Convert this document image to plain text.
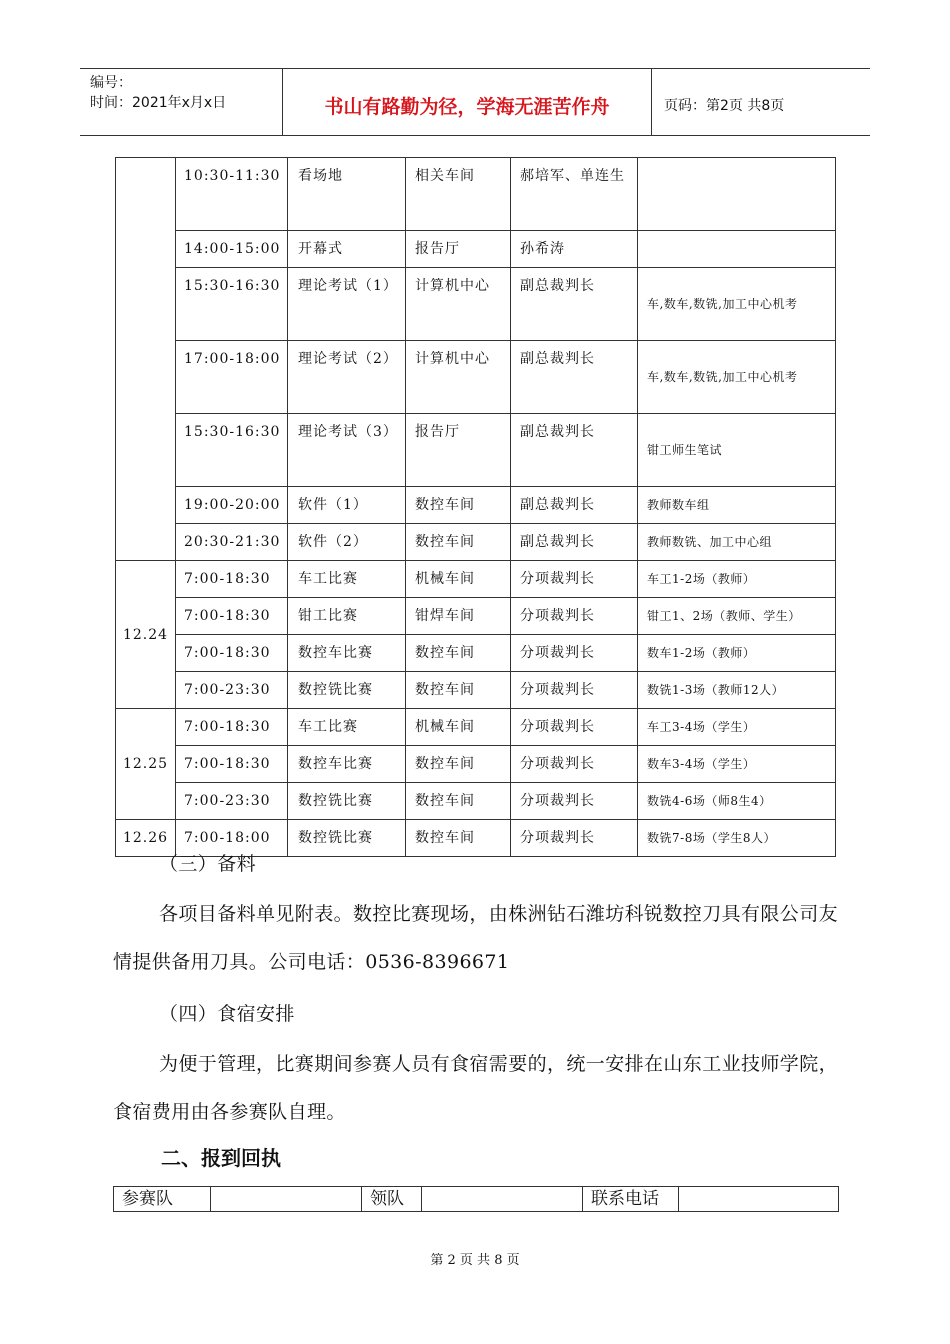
编号：
时间：2021年x月x日	书山有路勤为径，学海无涯苦作舟	页码：第2页 共8页
	10:30-11:30	看场地	相关车间	郝培军、单连生	
	14:00-15:00	开幕式	报告厅	孙希涛	
	15:30-16:30	理论考试（1）	计算机中心	副总裁判长	车,数车,数铣,加工中心机考
	17:00-18:00	理论考试（2）	计算机中心	副总裁判长	车,数车,数铣,加工中心机考
	15:30-16:30	理论考试（3）	报告厅	副总裁判长	钳工师生笔试
	19:00-20:00	软件（1）	数控车间	副总裁判长	教师数车组
	20:30-21:30	软件（2）	数控车间	副总裁判长	教师数铣、加工中心组
12.24	7:00-18:30	车工比赛	机械车间	分项裁判长	车工1-2场（教师）
	7:00-18:30	钳工比赛	钳焊车间	分项裁判长	钳工1、2场（教师、学生）
	7:00-18:30	数控车比赛	数控车间	分项裁判长	数车1-2场（教师）
	7:00-23:30	数控铣比赛	数控车间	分项裁判长	数铣1-3场（教师12人）
12.25	7:00-18:30	车工比赛	机械车间	分项裁判长	车工3-4场（学生）
	7:00-18:30	数控车比赛	数控车间	分项裁判长	数车3-4场（学生）
	7:00-23:30	数控铣比赛	数控车间	分项裁判长	数铣4-6场（师8生4）
12.26	7:00-18:00	数控铣比赛	数控车间	分项裁判长	数铣7-8场（学生8人）
（三）备料
各项目备料单见附表。数控比赛现场，由株洲钻石潍坊科锐数控刀具有限公司友情提供备用刀具。公司电话：0536-8396671
（四）食宿安排
为便于管理，比赛期间参赛人员有食宿需要的，统一安排在山东工业技师学院，食宿费用由各参赛队自理。
二、报到回执
参赛队		领队		联系电话	
第 2 页 共 8 页
